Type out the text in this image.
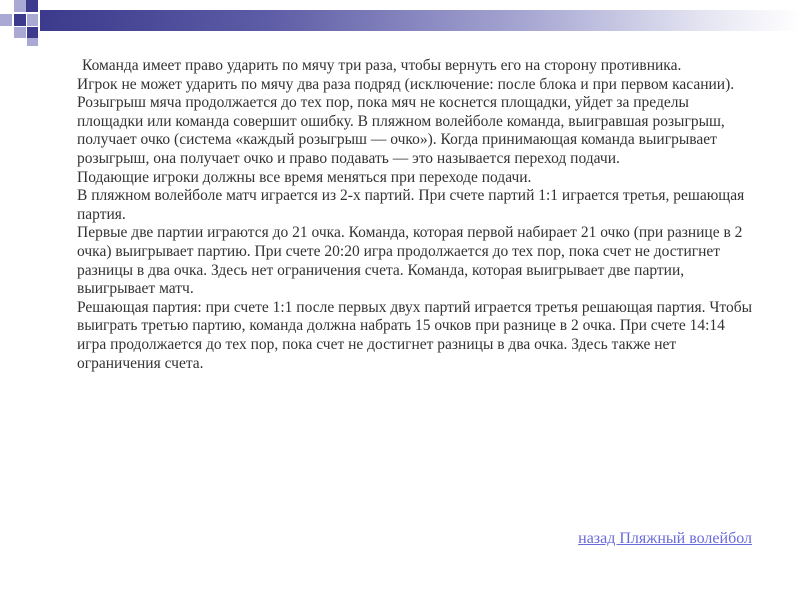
Команда имеет право ударить по мячу три раза, чтобы вернуть его на сторону противника.

Игрок не может ударить по мячу два раза подряд (исключение: после блока и при первом касании).

Розыгрыш мяча продолжается до тех пор, пока мяч не коснется площадки, уйдет за пределы площадки или команда совершит ошибку. В пляжном волейболе команда, выигравшая розыгрыш, получает очко (система «каждый розыгрыш — очко»). Когда принимающая команда выигрывает розыгрыш, она получает очко и право подавать — это называется переход подачи.

Подающие игроки должны все время меняться при переходе подачи.

В пляжном волейболе матч играется из 2-х партий. При счете партий 1:1 играется третья, решающая партия.

Первые две партии играются до 21 очка. Команда, которая первой набирает 21 очко (при разнице в 2 очка) выигрывает партию. При счете 20:20 игра продолжается до тех пор, пока счет не достигнет разницы в два очка. Здесь нет ограничения счета. Команда, которая выигрывает две партии, выигрывает матч.

Решающая партия: при счете 1:1 после первых двух партий играется третья решающая партия. Чтобы выиграть третью партию, команда должна набрать 15 очков при разнице в 2 очка. При счете 14:14 игра продолжается до тех пор, пока счет не достигнет разницы в два очка. Здесь также нет ограничения счета.

назад Пляжный волейбол
